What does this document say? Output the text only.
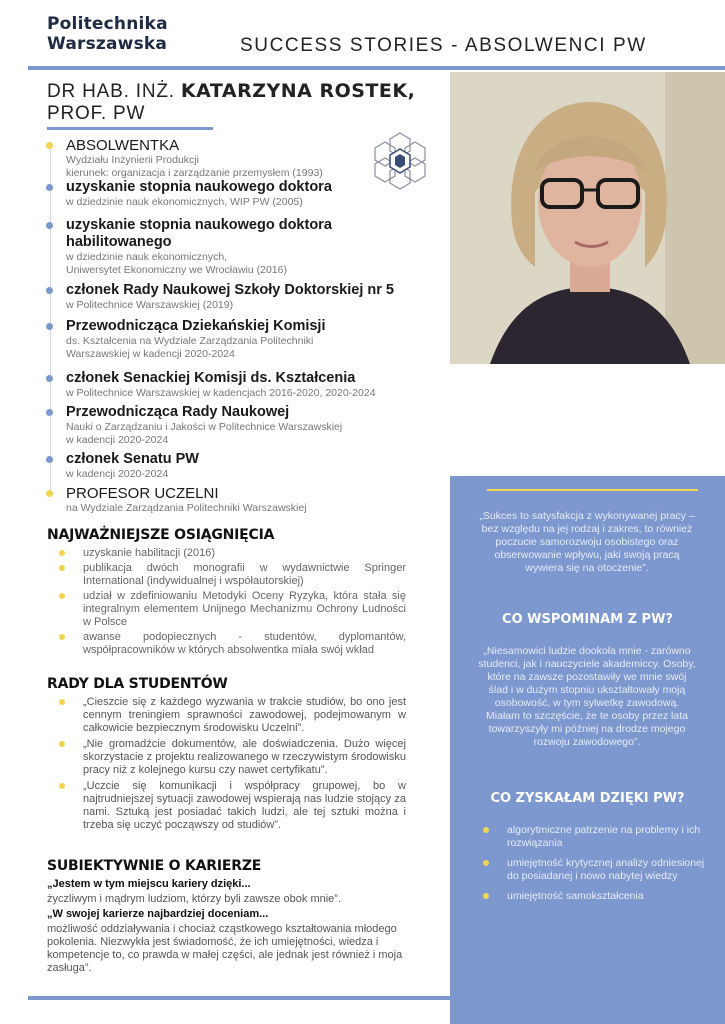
Politechnika
Warszawska	SUCCESS STORIES - ABSOLWENCI PW
DR HAB. INŻ. KATARZYNA ROSTEK,
PROF. PW
ABSOLWENTKA
Wydziału Inżynierii Produkcji
kierunek: organizacja i zarządzanie przemysłem (1993)
uzyskanie stopnia naukowego doktora
w dziedzinie nauk ekonomicznych, WIP PW (2005)
uzyskanie stopnia naukowego doktora habilitowanego
w dziedzinie nauk ekonomicznych,
Uniwersytet Ekonomiczny we Wrocławiu (2016)
członek Rady Naukowej Szkoły Doktorskiej nr 5
w Politechnice Warszawskiej (2019)
Przewodnicząca Dziekańskiej Komisji
ds. Kształcenia na Wydziale Zarządzania Politechniki
Warszawskiej w kadencji 2020-2024
członek Senackiej Komisji ds. Kształcenia
w Politechnice Warszawskiej w kadencjach 2016-2020, 2020-2024
Przewodnicząca Rady Naukowej
Nauki o Zarządzaniu i Jakości w Politechnice Warszawskiej
w kadencji 2020-2024
członek Senatu PW
w kadencji 2020-2024
PROFESOR UCZELNI
na Wydziale Zarządzania Politechniki Warszawskiej
NAJWAŻNIEJSZE OSIĄGNIĘCIA
uzyskanie habilitacji (2016)
publikacja dwóch monografii w wydawnictwie Springer International (indywidualnej i współautorskiej)
udział w zdefiniowaniu Metodyki Oceny Ryzyka, która stała się integralnym elementem Unijnego Mechanizmu Ochrony Ludności w Polsce
awanse podopiecznych - studentów, dyplomantów, współpracowników w których absolwentka miała swój wkład
RADY DLA STUDENTÓW
„Cieszcie się z każdego wyzwania w trakcie studiów, bo ono jest cennym treningiem sprawności zawodowej, podejmowanym w całkowicie bezpiecznym środowisku Uczelni”.
„Nie gromadźcie dokumentów, ale doświadczenia. Dużo więcej skorzystacie z projektu realizowanego w rzeczywistym środowisku pracy niż z kolejnego kursu czy nawet certyfikatu”.
„Uczcie się komunikacji i współpracy grupowej, bo w najtrudniejszej sytuacji zawodowej wspierają nas ludzie stojący za nami. Sztuką jest posiadać takich ludzi, ale tej sztuki można i trzeba się uczyć począwszy od studiów”.
SUBIEKTYWNIE O KARIERZE

„Jestem w tym miejscu kariery dzięki...

życzliwym i mądrym ludziom, którzy byli zawsze obok mnie”.

„W swojej karierze najbardziej doceniam...

możliwość oddziaływania i chociaż cząstkowego kształtowania młodego pokolenia. Niezwykła jest świadomość, że ich umiejętności, wiedza i kompetencje to, co prawda w małej części, ale jednak jest również i moja zasługa”.

„Sukces to satysfakcja z wykonywanej pracy – bez względu na jej rodzaj i zakres, to również poczucie samorozwoju osobistego oraz obserwowanie wpływu, jaki swoją pracą wywiera się na otoczenie”.
CO WSPOMINAM Z PW?
„Niesamowici ludzie dookoła mnie - zarówno studenci, jak i nauczyciele akademiccy. Osoby, które na zawsze pozostawiły we mnie swój ślad i w dużym stopniu ukształtowały moją osobowość, w tym sylwetkę zawodową. Miałam to szczęście, że te osoby przez lata towarzyszyły mi później na drodze mojego rozwoju zawodowego”.
CO ZYSKAŁAM DZIĘKI PW?
algorytmiczne patrzenie na problemy i ich rozwiązania
umiejętność krytycznej analizy odniesionej do posiadanej i nowo nabytej wiedzy
umiejętność samokształcenia
